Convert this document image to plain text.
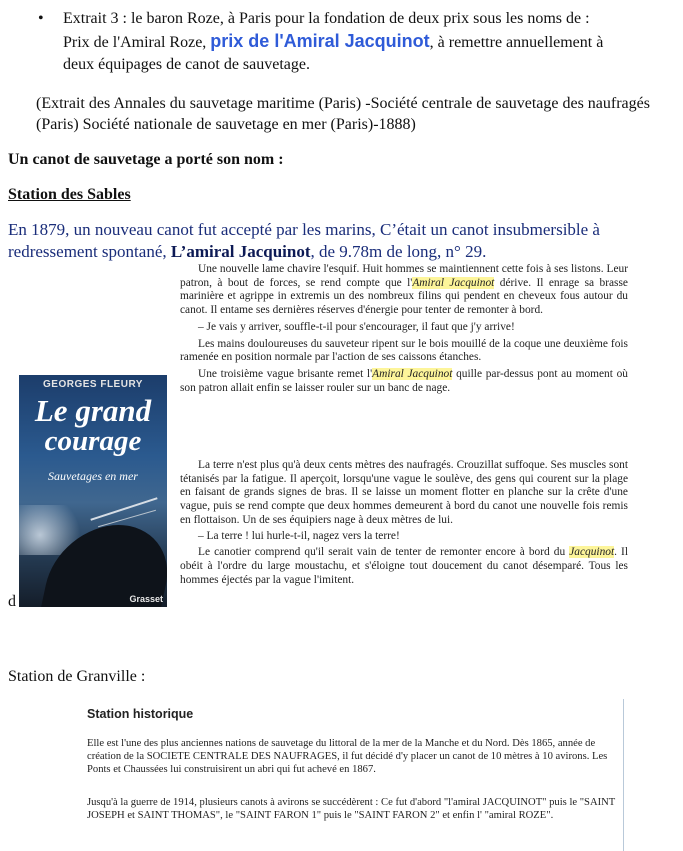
• Extrait 3 : le baron Roze, à Paris pour la fondation de deux prix sous les noms de :
Prix de l'Amiral Roze, prix de l'Amiral Jacquinot, à remettre annuellement à
deux équipages de canot de sauvetage.
(Extrait des Annales du sauvetage maritime (Paris) -Société centrale de sauvetage des naufragés (Paris) Société nationale de sauvetage en mer (Paris)-1888)
Un canot de sauvetage a porté son nom :
Station des Sables
En 1879, un nouveau canot fut accepté par les marins, C’était un canot insubmersible à redressement spontané, L’amiral Jacquinot, de 9.78m de long, n° 29.
GEORGES FLEURY
Le grand
courage
Sauvetages en mer
Grasset
d

Une nouvelle lame chavire l'esquif. Huit hommes se maintiennent cette fois à ses listons. Leur patron, à bout de forces, se rend compte que l'Amiral Jacquinot dérive. Il enrage sa brasse marinière et agrippe in extremis un des nombreux filins qui pendent en cheveux fous autour du canot. Il entame ses dernières réserves d'énergie pour tenter de remonter à bord.

– Je vais y arriver, souffle-t-il pour s'encourager, il faut que j'y arrive!

Les mains douloureuses du sauveteur ripent sur le bois mouillé de la coque une deuxième fois ramenée en position normale par l'action de ses caissons étanches.

Une troisième vague brisante remet l'Amiral Jacquinot quille par-dessus pont au moment où son patron allait enfin se laisser rouler sur un banc de nage.

La terre n'est plus qu'à deux cents mètres des naufragés. Crouzillat suffoque. Ses muscles sont tétanisés par la fatigue. Il aperçoit, lorsqu'une vague le soulève, des gens qui courent sur la plage en faisant de grands signes de bras. Il se laisse un moment flotter en planche sur la crête d'une vague, puis se rend compte que deux hommes demeurent à bord du canot une nouvelle fois remis en flottaison. Un de ses équipiers nage à deux mètres de lui.

– La terre ! lui hurle-t-il, nagez vers la terre!

Le canotier comprend qu'il serait vain de tenter de remonter encore à bord du Jacquinot. Il obéit à l'ordre du large moustachu, et s'éloigne tout doucement du canot désemparé. Tous les hommes éjectés par la vague l'imitent.

Station de Granville :
Station historique
Elle est l'une des plus anciennes nations de sauvetage du littoral de la mer de la Manche et du Nord. Dès 1865, année de création de la SOCIETE CENTRALE DES NAUFRAGES, il fut décidé d'y placer un canot de 10 mètres à 10 avirons. Les Ponts et Chaussées lui construisirent un abri qui fut achevé en 1867.
Jusqu'à la guerre de 1914, plusieurs canots à avirons se succédèrent : Ce fut d'abord "l'amiral JACQUINOT" puis le "SAINT JOSEPH et SAINT THOMAS", le "SAINT FARON 1" puis le "SAINT FARON 2" et enfin l' "amiral ROZE".
